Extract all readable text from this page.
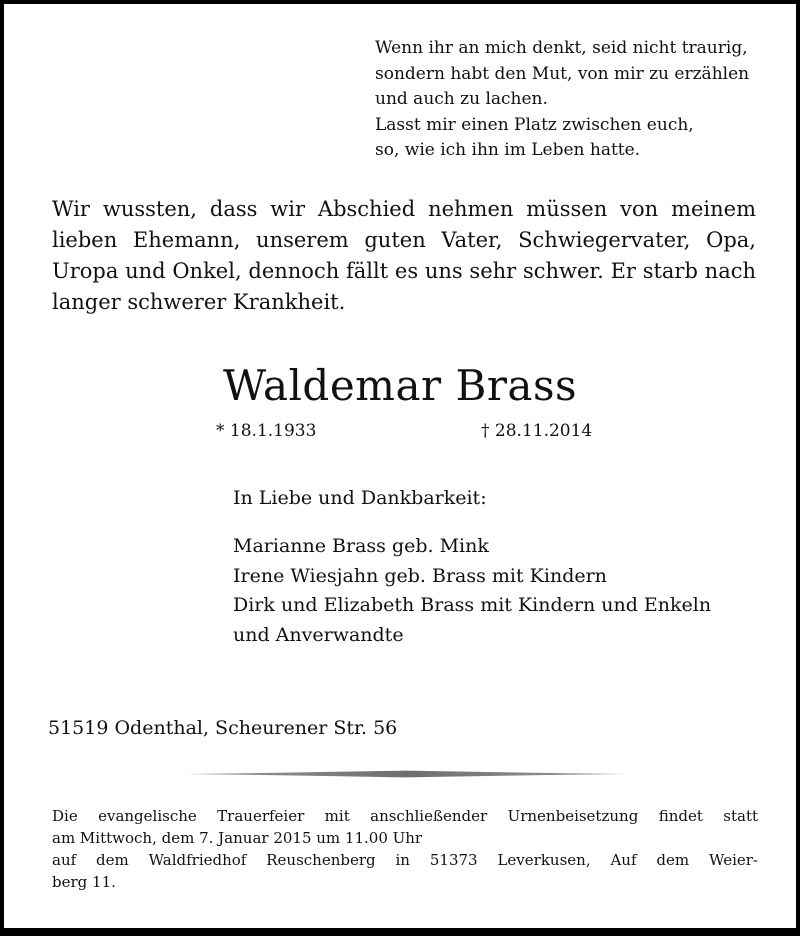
Wenn ihr an mich denkt, seid nicht traurig,
sondern habt den Mut, von mir zu erzählen
und auch zu lachen.
Lasst mir einen Platz zwischen euch,
so, wie ich ihn im Leben hatte.
Wir wussten, dass wir Abschied nehmen müssen von meinem lieben Ehemann, unserem guten Vater, Schwiegervater, Opa, Uropa und Onkel, dennoch fällt es uns sehr schwer. Er starb nach langer schwerer Krankheit.
Waldemar Brass
* 18.1.1933	† 28.11.2014
In Liebe und Dankbarkeit:
Marianne Brass geb. Mink
Irene Wiesjahn geb. Brass mit Kindern
Dirk und Elizabeth Brass mit Kindern und Enkeln
und Anverwandte
51519 Odenthal, Scheurener Str. 56
Die evangelische Trauerfeier mit anschließender Urnenbeisetzung findet statt
am Mittwoch, dem 7. Januar 2015 um 11.00 Uhr
auf dem Waldfriedhof Reuschenberg in 51373 Leverkusen, Auf dem Weier-
berg 11.
